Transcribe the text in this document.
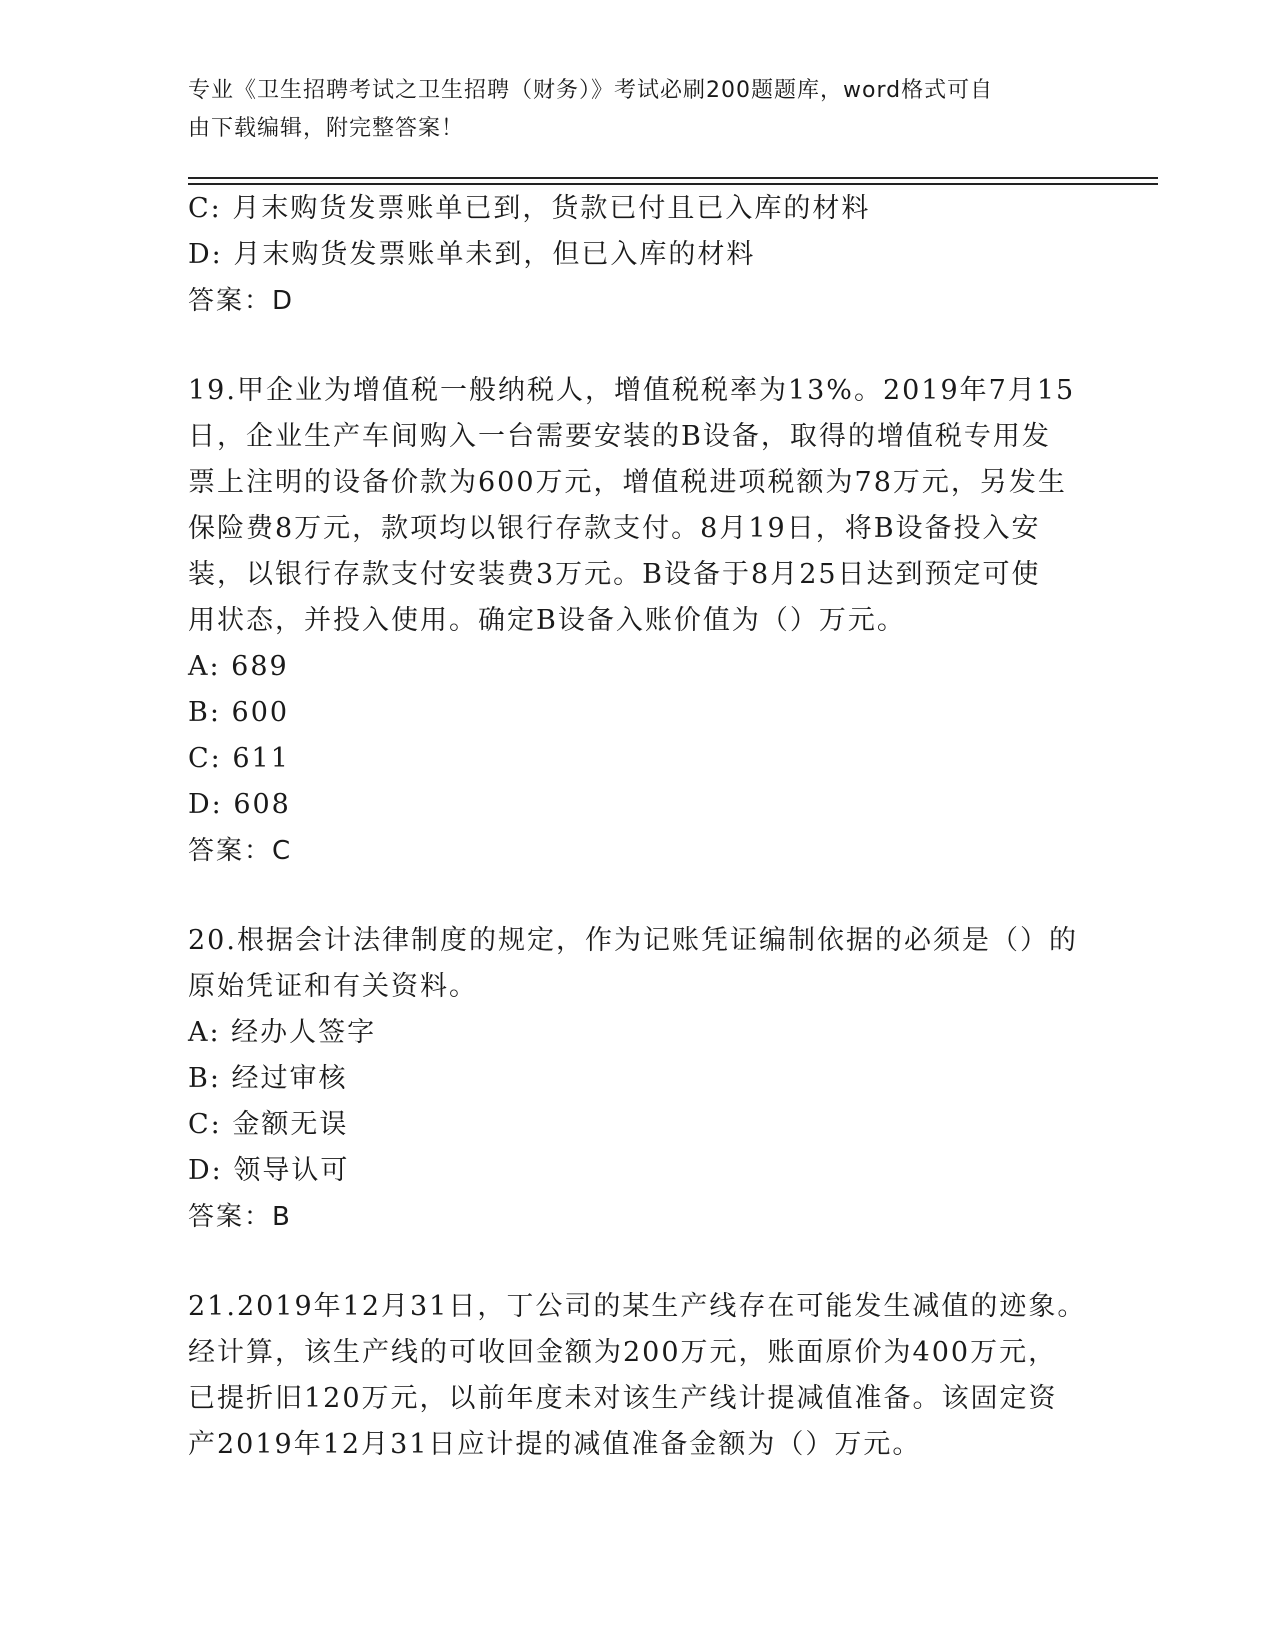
专业《卫生招聘考试之卫生招聘（财务）》考试必刷200题题库，word格式可自
由下载编辑，附完整答案！
C: 月末购货发票账单已到，货款已付且已入库的材料
D: 月末购货发票账单未到，但已入库的材料
答案：D
19.甲企业为增值税一般纳税人，增值税税率为13%。2019年7月15
日，企业生产车间购入一台需要安装的B设备，取得的增值税专用发
票上注明的设备价款为600万元，增值税进项税额为78万元，另发生
保险费8万元，款项均以银行存款支付。8月19日，将B设备投入安
装，以银行存款支付安装费3万元。B设备于8月25日达到预定可使
用状态，并投入使用。确定B设备入账价值为（）万元。
A: 689
B: 600
C: 611
D: 608
答案：C
20.根据会计法律制度的规定，作为记账凭证编制依据的必须是（）的
原始凭证和有关资料。
A: 经办人签字
B: 经过审核
C: 金额无误
D: 领导认可
答案：B
21.2019年12月31日，丁公司的某生产线存在可能发生减值的迹象。
经计算，该生产线的可收回金额为200万元，账面原价为400万元，
已提折旧120万元，以前年度未对该生产线计提减值准备。该固定资
产2019年12月31日应计提的减值准备金额为（）万元。
